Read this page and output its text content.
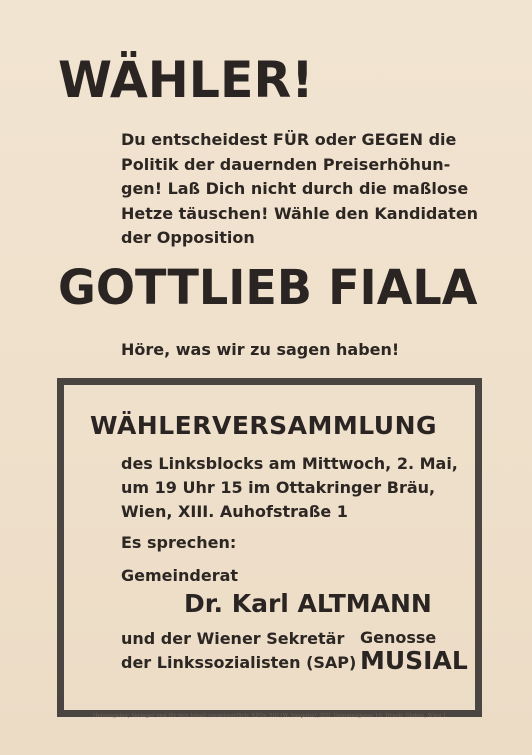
WÄHLER!
Du entscheidest FÜR oder GEGEN die
Politik der dauernden Preiserhöhun-
gen! Laß Dich nicht durch die maßlose
Hetze täuschen! Wähle den Kandidaten
der Opposition
GOTTLIEB FIALA
Höre, was wir zu sagen haben!
WÄHLERVERSAMMLUNG
des Linksblocks am Mittwoch, 2. Mai,
um 19 Uhr 15 im Ottakringer Bräu,
Wien, XIII. Auhofstraße 1
Es sprechen:
Gemeinderat
Dr. Karl ALTMANN
und der Wiener Sekretär
der Linkssozialisten (SAP)
Genosse
MUSIAL
Herausgeber, Verleger und für den Inhalt verantwortlich: KPOe XIII (W. Vaupotic), XIII. Dominusgasse 10. Druck: Globus, Wien I.
